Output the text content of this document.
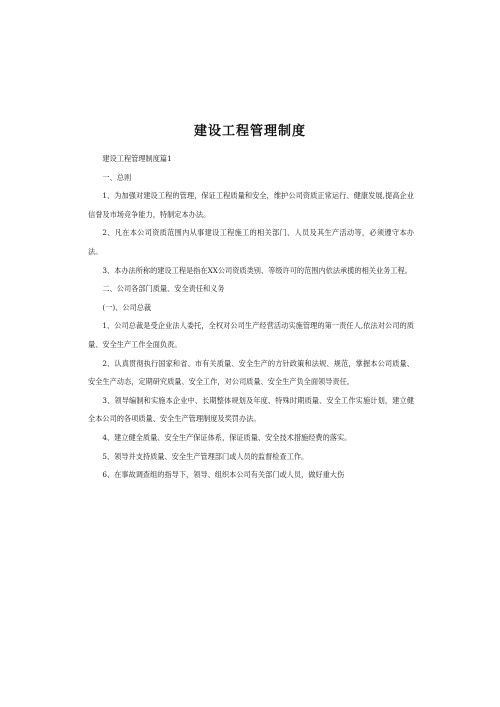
建设工程管理制度

建设工程管理制度篇1

一、总则

1、为加强对建设工程的管理，保证工程质量和安全，维护公司资质正常运行、健康发展,提高企业信誉及市场竞争能力，特制定本办法。

2、凡在本公司资质范围内从事建设工程施工的相关部门、人员及其生产活动等，必须遵守本办法。

3、本办法所称的建设工程是指在XX公司资质类别、等级许可的范围内依法承揽的相关业务工程。

二、公司各部门质量、安全责任和义务

(一)、公司总裁

1、公司总裁是受企业法人委托，全权对公司生产经营活动实施管理的第一责任人,依法对公司的质量、安全生产工作全面负责。

2、认真贯彻执行国家和省、市有关质量、安全生产的方针政策和法规、规范，掌握本公司质量、安全生产动态，定期研究质量、安全工作，对公司质量、安全生产负全面领导责任。

3、领导编制和实施本企业中、长期整体规划及年度、特殊时期质量、安全工作实施计划，建立健全本公司的各项质量、安全生产管理制度及奖罚办法。

4、建立健全质量、安全生产保证体系，保证质量、安全技术措施经费的落实。

5、领导并支持质量、安全生产管理部门或人员的监督检查工作。

6、在事故调查组的指导下，领导、组织本公司有关部门或人员，做好重大伤
